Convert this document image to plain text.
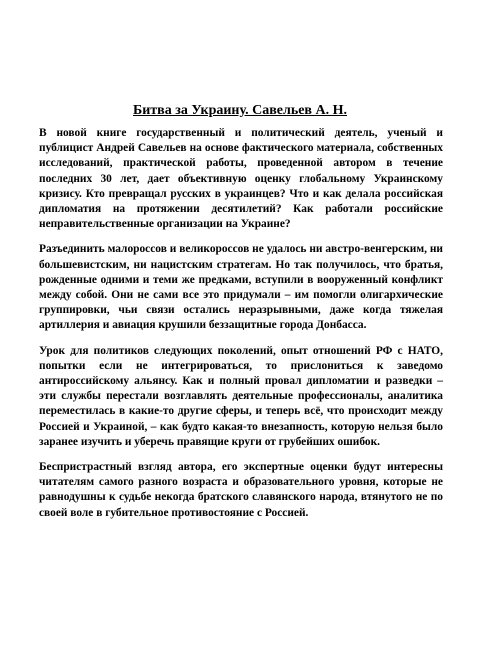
Битва за Украину. Савельев А. Н.

В новой книге государственный и политический деятель, ученый и публицист Андрей Савельев на основе фактического материала, собственных исследований, практической работы, проведенной автором в течение последних 30 лет, дает объективную оценку глобальному Украинскому кризису. Кто превращал русских в украинцев? Что и как делала российская дипломатия на протяжении десятилетий? Как работали российские неправительственные организации на Украине?

Разъединить малороссов и великороссов не удалось ни австро-венгерским, ни большевистским, ни нацистским стратегам. Но так получилось, что братья, рожденные одними и теми же предками, вступили в вооруженный конфликт между собой. Они не сами все это придумали – им помогли олигархические группировки, чьи связи остались неразрывными, даже когда тяжелая артиллерия и авиация крушили беззащитные города Донбасса.

Урок для политиков следующих поколений, опыт отношений РФ с НАТО, попытки если не интегрироваться, то прислониться к заведомо антироссийскому альянсу. Как и полный провал дипломатии и разведки – эти службы перестали возглавлять деятельные профессионалы, аналитика переместилась в какие-то другие сферы, и теперь всё, что происходит между Россией и Украиной, – как будто какая-то внезапность, которую нельзя было заранее изучить и уберечь правящие круги от грубейших ошибок.

Беспристрастный взгляд автора, его экспертные оценки будут интересны читателям самого разного возраста и образовательного уровня, которые не равнодушны к судьбе некогда братского славянского народа, втянутого не по своей воле в губительное противостояние с Россией.
